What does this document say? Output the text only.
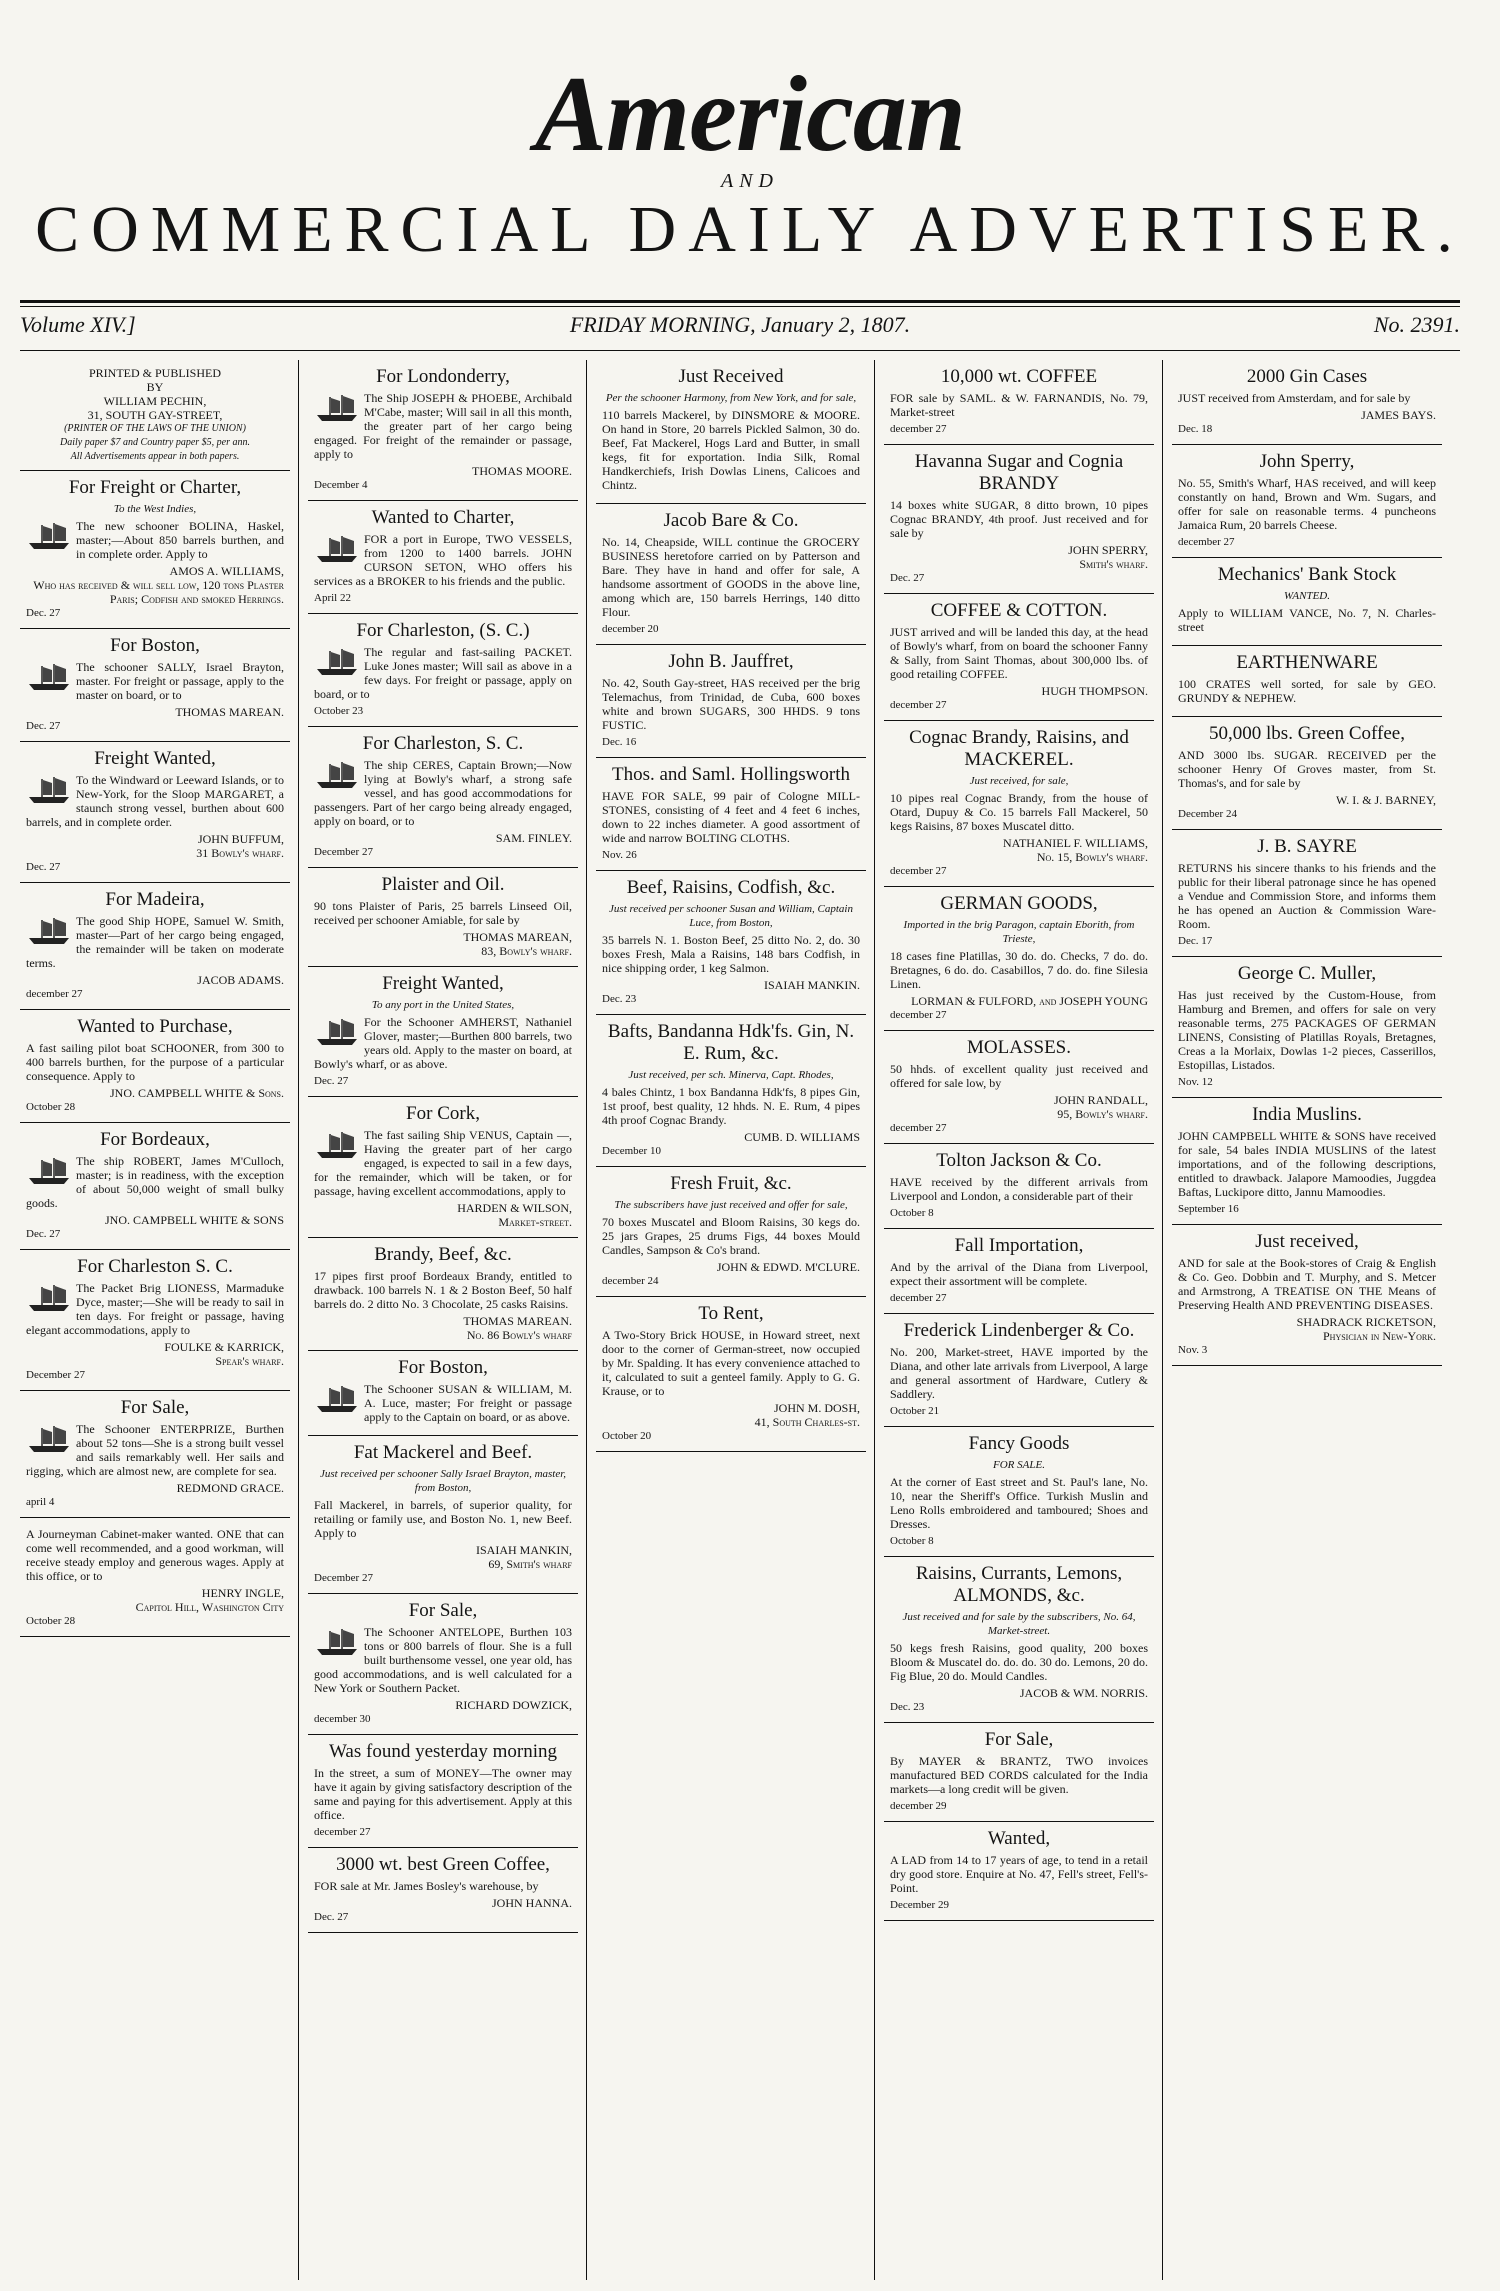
American
AND
COMMERCIAL DAILY ADVERTISER.
Volume XIV.]	FRIDAY MORNING, January 2, 1807.	No. 2391.
PRINTED & PUBLISHED
BY
WILLIAM PECHIN,
31, SOUTH GAY-STREET,
(PRINTER OF THE LAWS OF THE UNION)
Daily paper $7 and Country paper $5, per ann.
All Advertisements appear in both papers.
For Freight or Charter,
To the West Indies,

The new schooner BOLINA, Haskel, master;—About 850 barrels burthen, and in complete order. Apply to

AMOS A. WILLIAMS,
Who has received & will sell low, 120 tons Plaster Paris; Codfish and smoked Herrings.
Dec. 27
For Boston,

The schooner SALLY, Israel Brayton, master. For freight or passage, apply to the master on board, or to

THOMAS MAREAN.
Dec. 27
Freight Wanted,

To the Windward or Leeward Islands, or to New-York, for the Sloop MARGARET, a staunch strong vessel, burthen about 600 barrels, and in complete order.

JOHN BUFFUM,
31 Bowly's wharf.
Dec. 27
For Madeira,

The good Ship HOPE, Samuel W. Smith, master—Part of her cargo being engaged, the remainder will be taken on moderate terms.

JACOB ADAMS.
december 27
Wanted to Purchase,

A fast sailing pilot boat SCHOONER, from 300 to 400 barrels burthen, for the purpose of a particular consequence. Apply to

JNO. CAMPBELL WHITE & Sons.
October 28
For Bordeaux,

The ship ROBERT, James M'Culloch, master; is in readiness, with the exception of about 50,000 weight of small bulky goods.

JNO. CAMPBELL WHITE & SONS
Dec. 27
For Charleston S. C.

The Packet Brig LIONESS, Marmaduke Dyce, master;—She will be ready to sail in ten days. For freight or passage, having elegant accommodations, apply to

FOULKE & KARRICK,
Spear's wharf.
December 27
For Sale,

The Schooner ENTERPRIZE, Burthen about 52 tons—She is a strong built vessel and sails remarkably well. Her sails and rigging, which are almost new, are complete for sea.

REDMOND GRACE.
april 4

A Journeyman Cabinet-maker wanted. ONE that can come well recommended, and a good workman, will receive steady employ and generous wages. Apply at this office, or to

HENRY INGLE,
Capitol Hill, Washington City
October 28
For Londonderry,

The Ship JOSEPH & PHOEBE, Archibald M'Cabe, master; Will sail in all this month, the greater part of her cargo being engaged. For freight of the remainder or passage, apply to

THOMAS MOORE.
December 4
Wanted to Charter,

FOR a port in Europe, TWO VESSELS, from 1200 to 1400 barrels. JOHN CURSON SETON, WHO offers his services as a BROKER to his friends and the public.

April 22
For Charleston, (S. C.)

The regular and fast-sailing PACKET. Luke Jones master; Will sail as above in a few days. For freight or passage, apply on board, or to

October 23
For Charleston, S. C.

The ship CERES, Captain Brown;—Now lying at Bowly's wharf, a strong safe vessel, and has good accommodations for passengers. Part of her cargo being already engaged, apply on board, or to

SAM. FINLEY.
December 27
Plaister and Oil.

90 tons Plaister of Paris, 25 barrels Linseed Oil, received per schooner Amiable, for sale by

THOMAS MAREAN,
83, Bowly's wharf.
Freight Wanted,
To any port in the United States,

For the Schooner AMHERST, Nathaniel Glover, master;—Burthen 800 barrels, two years old. Apply to the master on board, at Bowly's wharf, or as above.

Dec. 27
For Cork,

The fast sailing Ship VENUS, Captain —, Having the greater part of her cargo engaged, is expected to sail in a few days, for the remainder, which will be taken, or for passage, having excellent accommodations, apply to

HARDEN & WILSON,
Market-street.
Brandy, Beef, &c.

17 pipes first proof Bordeaux Brandy, entitled to drawback. 100 barrels N. 1 & 2 Boston Beef, 50 half barrels do. 2 ditto No. 3 Chocolate, 25 casks Raisins.

THOMAS MAREAN.
No. 86 Bowly's wharf
For Boston,

The Schooner SUSAN & WILLIAM, M. A. Luce, master; For freight or passage apply to the Captain on board, or as above.

Fat Mackerel and Beef.
Just received per schooner Sally Israel Brayton, master, from Boston,

Fall Mackerel, in barrels, of superior quality, for retailing or family use, and Boston No. 1, new Beef. Apply to

ISAIAH MANKIN,
69, Smith's wharf
December 27
For Sale,

The Schooner ANTELOPE, Burthen 103 tons or 800 barrels of flour. She is a full built burthensome vessel, one year old, has good accommodations, and is well calculated for a New York or Southern Packet.

RICHARD DOWZICK,
december 30
Was found yesterday morning

In the street, a sum of MONEY—The owner may have it again by giving satisfactory description of the same and paying for this advertisement. Apply at this office.

december 27
3000 wt. best Green Coffee,

FOR sale at Mr. James Bosley's warehouse, by

JOHN HANNA.
Dec. 27
Just Received
Per the schooner Harmony, from New York, and for sale,

110 barrels Mackerel, by DINSMORE & MOORE. On hand in Store, 20 barrels Pickled Salmon, 30 do. Beef, Fat Mackerel, Hogs Lard and Butter, in small kegs, fit for exportation. India Silk, Romal Handkerchiefs, Irish Dowlas Linens, Calicoes and Chintz.

Jacob Bare & Co.

No. 14, Cheapside, WILL continue the GROCERY BUSINESS heretofore carried on by Patterson and Bare. They have in hand and offer for sale, A handsome assortment of GOODS in the above line, among which are, 150 barrels Herrings, 140 ditto Flour.

december 20
John B. Jauffret,

No. 42, South Gay-street, HAS received per the brig Telemachus, from Trinidad, de Cuba, 600 boxes white and brown SUGARS, 300 HHDS. 9 tons FUSTIC.

Dec. 16
Thos. and Saml. Hollingsworth

HAVE FOR SALE, 99 pair of Cologne MILL-STONES, consisting of 4 feet and 4 feet 6 inches, down to 22 inches diameter. A good assortment of wide and narrow BOLTING CLOTHS.

Nov. 26
Beef, Raisins, Codfish, &c.
Just received per schooner Susan and William, Captain Luce, from Boston,

35 barrels N. 1. Boston Beef, 25 ditto No. 2, do. 30 boxes Fresh, Mala a Raisins, 148 bars Codfish, in nice shipping order, 1 keg Salmon.

ISAIAH MANKIN.
Dec. 23
Bafts, Bandanna Hdk'fs. Gin, N. E. Rum, &c.
Just received, per sch. Minerva, Capt. Rhodes,

4 bales Chintz, 1 box Bandanna Hdk'fs, 8 pipes Gin, 1st proof, best quality, 12 hhds. N. E. Rum, 4 pipes 4th proof Cognac Brandy.

CUMB. D. WILLIAMS
December 10
Fresh Fruit, &c.
The subscribers have just received and offer for sale,

70 boxes Muscatel and Bloom Raisins, 30 kegs do. 25 jars Grapes, 25 drums Figs, 44 boxes Mould Candles, Sampson & Co's brand.

JOHN & EDWD. M'CLURE.
december 24
To Rent,

A Two-Story Brick HOUSE, in Howard street, next door to the corner of German-street, now occupied by Mr. Spalding. It has every convenience attached to it, calculated to suit a genteel family. Apply to G. G. Krause, or to

JOHN M. DOSH,
41, South Charles-st.
October 20
10,000 wt. COFFEE

FOR sale by SAML. & W. FARNANDIS, No. 79, Market-street

december 27
Havanna Sugar and Cognia BRANDY

14 boxes white SUGAR, 8 ditto brown, 10 pipes Cognac BRANDY, 4th proof. Just received and for sale by

JOHN SPERRY,
Smith's wharf.
Dec. 27
COFFEE & COTTON.

JUST arrived and will be landed this day, at the head of Bowly's wharf, from on board the schooner Fanny & Sally, from Saint Thomas, about 300,000 lbs. of good retailing COFFEE.

HUGH THOMPSON.
december 27
Cognac Brandy, Raisins, and MACKEREL.
Just received, for sale,

10 pipes real Cognac Brandy, from the house of Otard, Dupuy & Co. 15 barrels Fall Mackerel, 50 kegs Raisins, 87 boxes Muscatel ditto.

NATHANIEL F. WILLIAMS,
No. 15, Bowly's wharf.
december 27
GERMAN GOODS,
Imported in the brig Paragon, captain Eborith, from Trieste,

18 cases fine Platillas, 30 do. do. Checks, 7 do. do. Bretagnes, 6 do. do. Casabillos, 7 do. do. fine Silesia Linen.

LORMAN & FULFORD, and JOSEPH YOUNG
december 27
MOLASSES.

50 hhds. of excellent quality just received and offered for sale low, by

JOHN RANDALL,
95, Bowly's wharf.
december 27
Tolton Jackson & Co.

HAVE received by the different arrivals from Liverpool and London, a considerable part of their

October 8
Fall Importation,

And by the arrival of the Diana from Liverpool, expect their assortment will be complete.

december 27
Frederick Lindenberger & Co.

No. 200, Market-street, HAVE imported by the Diana, and other late arrivals from Liverpool, A large and general assortment of Hardware, Cutlery & Saddlery.

October 21
Fancy Goods
FOR SALE.

At the corner of East street and St. Paul's lane, No. 10, near the Sheriff's Office. Turkish Muslin and Leno Rolls embroidered and tamboured; Shoes and Dresses.

October 8
Raisins, Currants, Lemons, ALMONDS, &c.
Just received and for sale by the subscribers, No. 64, Market-street.

50 kegs fresh Raisins, good quality, 200 boxes Bloom & Muscatel do. do. do. 30 do. Lemons, 20 do. Fig Blue, 20 do. Mould Candles.

JACOB & WM. NORRIS.
Dec. 23
For Sale,

By MAYER & BRANTZ, TWO invoices manufactured BED CORDS calculated for the India markets—a long credit will be given.

december 29
Wanted,

A LAD from 14 to 17 years of age, to tend in a retail dry good store. Enquire at No. 47, Fell's street, Fell's-Point.

December 29
2000 Gin Cases

JUST received from Amsterdam, and for sale by

JAMES BAYS.
Dec. 18
John Sperry,

No. 55, Smith's Wharf, HAS received, and will keep constantly on hand, Brown and Wm. Sugars, and offer for sale on reasonable terms. 4 puncheons Jamaica Rum, 20 barrels Cheese.

december 27
Mechanics' Bank Stock
WANTED.

Apply to WILLIAM VANCE, No. 7, N. Charles-street

EARTHENWARE

100 CRATES well sorted, for sale by GEO. GRUNDY & NEPHEW.

50,000 lbs. Green Coffee,

AND 3000 lbs. SUGAR. RECEIVED per the schooner Henry Of Groves master, from St. Thomas's, and for sale by

W. I. & J. BARNEY,
December 24
J. B. SAYRE

RETURNS his sincere thanks to his friends and the public for their liberal patronage since he has opened a Vendue and Commission Store, and informs them he has opened an Auction & Commission Ware-Room.

Dec. 17
George C. Muller,

Has just received by the Custom-House, from Hamburg and Bremen, and offers for sale on very reasonable terms, 275 PACKAGES OF GERMAN LINENS, Consisting of Platillas Royals, Bretagnes, Creas a la Morlaix, Dowlas 1-2 pieces, Casserillos, Estopillas, Listados.

Nov. 12
India Muslins.

JOHN CAMPBELL WHITE & SONS have received for sale, 54 bales INDIA MUSLINS of the latest importations, and of the following descriptions, entitled to drawback. Jalapore Mamoodies, Juggdea Baftas, Luckipore ditto, Jannu Mamoodies.

September 16
Just received,

AND for sale at the Book-stores of Craig & English & Co. Geo. Dobbin and T. Murphy, and S. Metcer and Armstrong, A TREATISE ON THE Means of Preserving Health AND PREVENTING DISEASES.

SHADRACK RICKETSON,
Physician in New-York.
Nov. 3
